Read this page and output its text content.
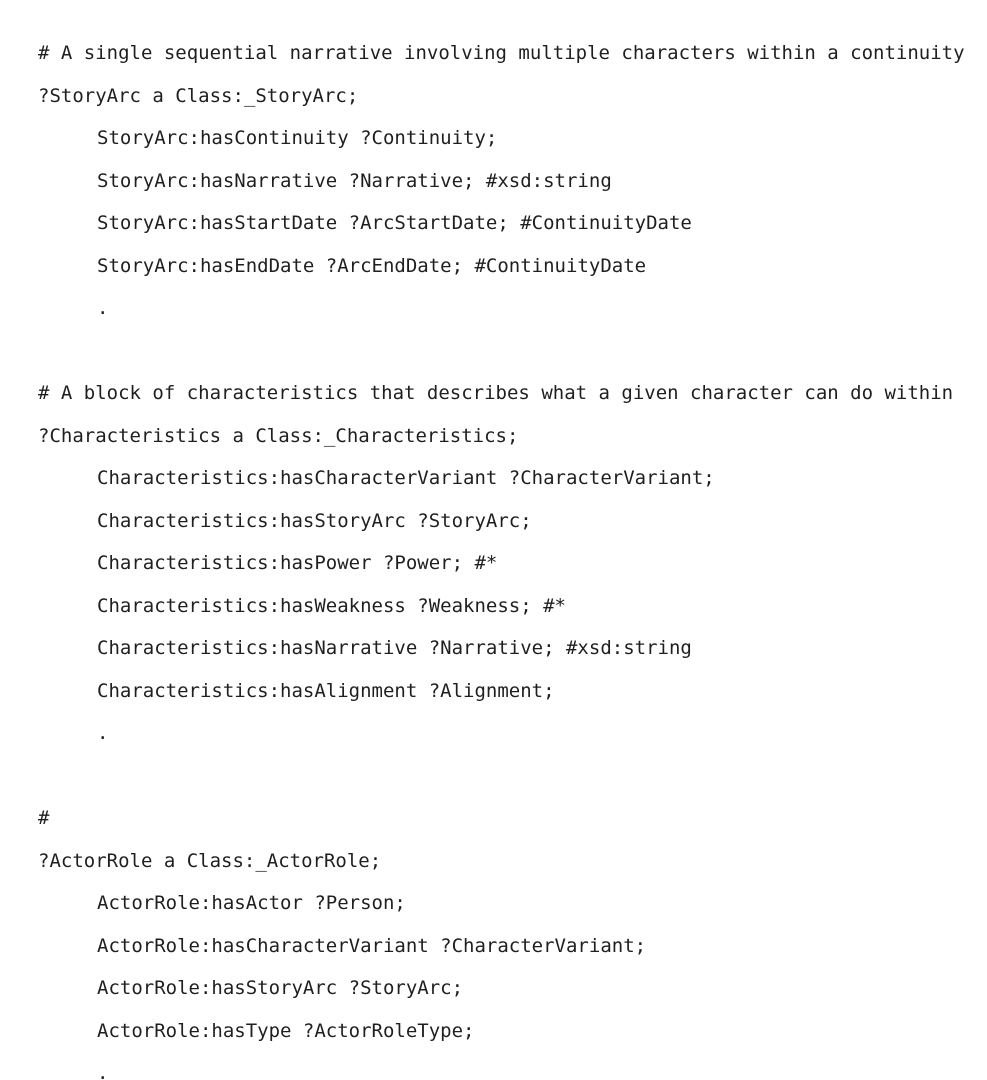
# A single sequential narrative involving multiple characters within a continuity
?StoryArc a Class:_StoryArc;
StoryArc:hasContinuity ?Continuity;
StoryArc:hasNarrative ?Narrative; #xsd:string
StoryArc:hasStartDate ?ArcStartDate; #ContinuityDate
StoryArc:hasEndDate ?ArcEndDate; #ContinuityDate
.
# A block of characteristics that describes what a given character can do within
?Characteristics a Class:_Characteristics;
Characteristics:hasCharacterVariant ?CharacterVariant;
Characteristics:hasStoryArc ?StoryArc;
Characteristics:hasPower ?Power; #*
Characteristics:hasWeakness ?Weakness; #*
Characteristics:hasNarrative ?Narrative; #xsd:string
Characteristics:hasAlignment ?Alignment;
.
#
?ActorRole a Class:_ActorRole;
ActorRole:hasActor ?Person;
ActorRole:hasCharacterVariant ?CharacterVariant;
ActorRole:hasStoryArc ?StoryArc;
ActorRole:hasType ?ActorRoleType;
.
